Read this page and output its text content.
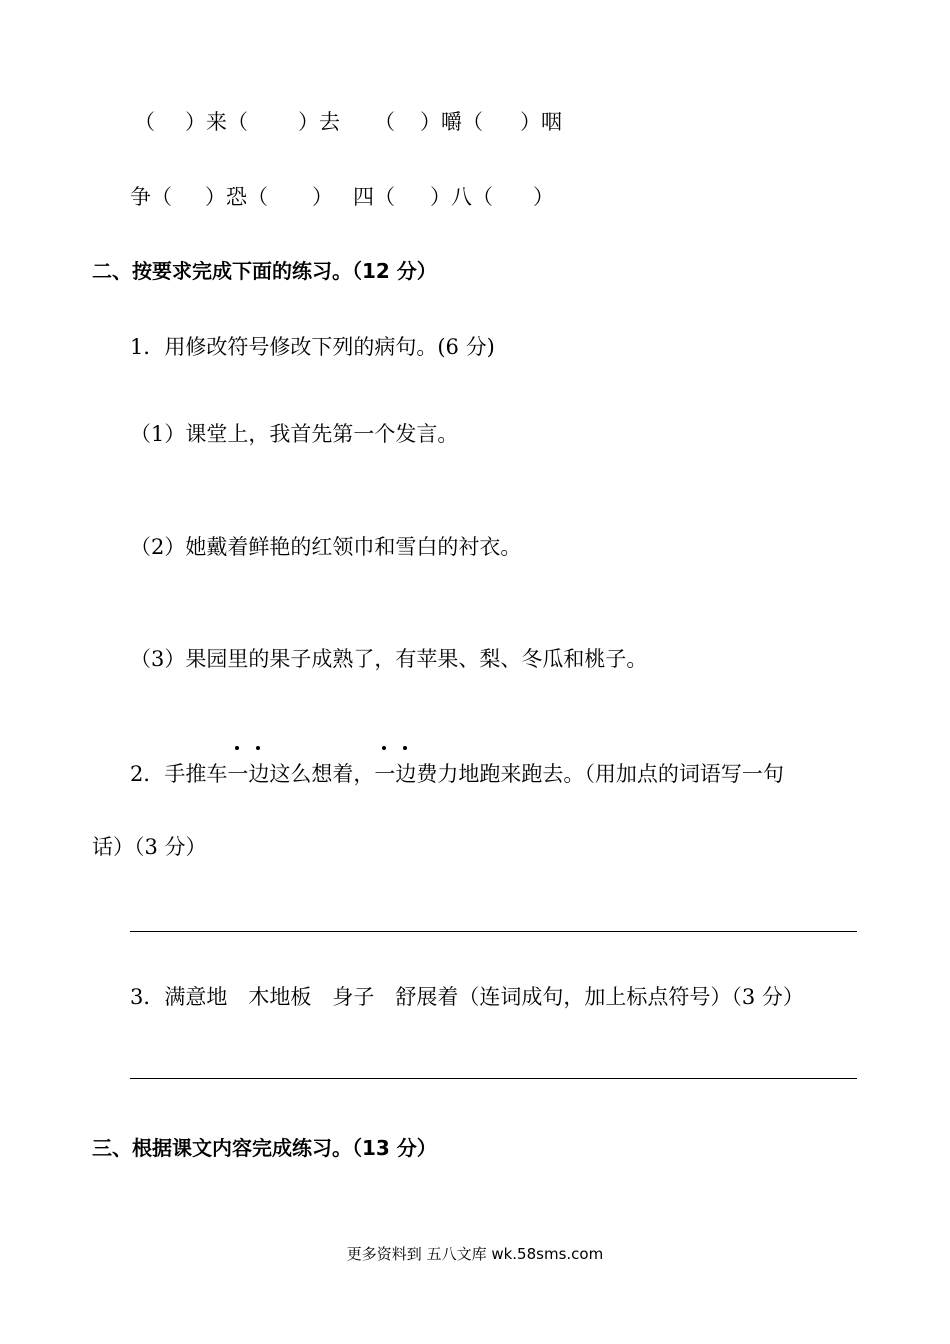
（ ）来（ ）去 （ ）嚼（ ）咽
争（ ）恐（ ） 四（ ）八（ ）
二、按要求完成下面的练习。（12 分）
1．用修改符号修改下列的病句。(6 分)
（1）课堂上，我首先第一个发言。
（2）她戴着鲜艳的红领巾和雪白的衬衣。
（3）果园里的果子成熟了，有苹果、梨、冬瓜和桃子。
2．手推车
一边这么想着，
一边费力地跑来跑去。（用加点的词语写一句
话）（3 分）
3．满意地　木地板　身子　舒展着（连词成句，加上标点符号）（3 分）
三、根据课文内容完成练习。（13 分）
更多资料到 五八文库 wk.58sms.com
